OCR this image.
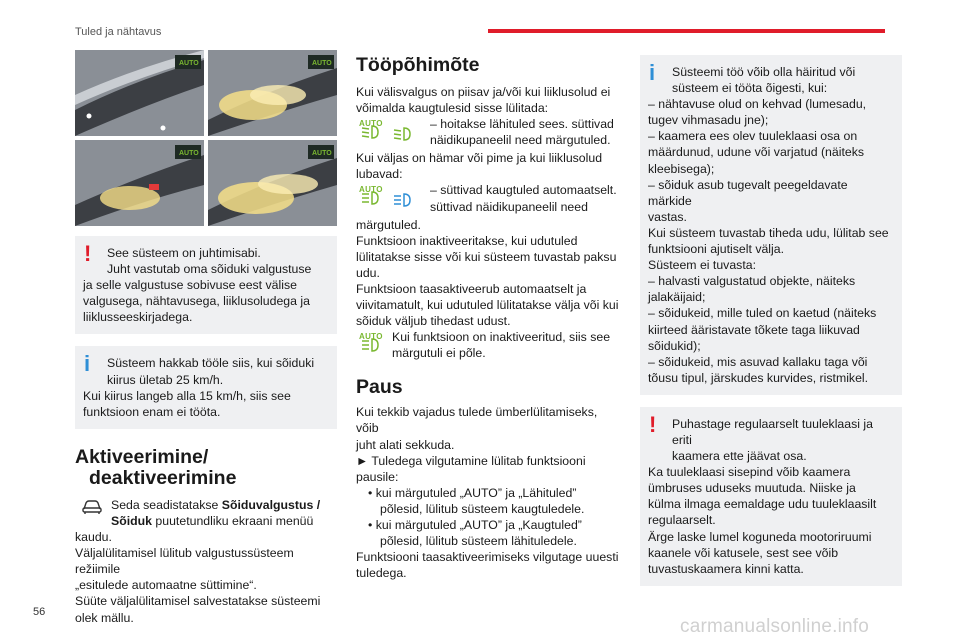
Tuled ja nähtavus
AUTO	AUTO
AUTO	AUTO
!	See süsteem on juhtimisabi.

Juht vastutab oma sõiduki valgustuse

ja selle valgustuse sobivuse eest välise

valgusega, nähtavusega, liiklusoludega ja

liiklusseeskirjadega.

i	Süsteem hakkab tööle siis, kui sõiduki

kiirus ületab 25 km/h.

Kui kiirus langeb alla 15 km/h, siis see

funktsioon enam ei tööta.

Aktiveerimine/
deaktiveerimine
Seda seadistatakse Sõiduvalgustus /
Sõiduk puutetundliku ekraani menüü

kaudu.

Väljalülitamisel lülitub valgustussüsteem režiimile

„esitulede automaatne süttimine“.

Süüte väljalülitamisel salvestatakse süsteemi

olek mällu.

Tööpõhimõte

Kui välisvalgus on piisav ja/või kui liiklusolud ei

võimalda kaugtulesid sisse lülitada:

AUTO
	– hoitakse lähituled sees. süttivad

näidikupaneelil need märgutuled.

Kui väljas on hämar või pime ja kui liiklusolud

lubavad:

AUTO
	– süttivad kaugtuled automaatselt.

süttivad näidikupaneelil need

märgutuled.

Funktsioon inaktiveeritakse, kui udutuled

lülitatakse sisse või kui süsteem tuvastab paksu

udu.

Funktsioon taasaktiveerub automaatselt ja

viivitamatult, kui udutuled lülitatakse välja või kui

sõiduk väljub tihedast udust.

AUTO Kui funktsioon on inaktiveeritud, siis see

märgutuli ei põle.

Paus

Kui tekkib vajadus tulede ümberlülitamiseks, võib

juht alati sekkuda.

► Tuledega vilgutamine lülitab funktsiooni

pausile:

• kui märgutuled „AUTO” ja „Lähituled”

põlesid, lülitub süsteem kaugtuledele.

• kui märgutuled „AUTO” ja „Kaugtuled”

põlesid, lülitub süsteem lähituledele.

Funktsiooni taasaktiveerimiseks vilgutage uuesti

tuledega.

i	Süsteemi töö võib olla häiritud või

süsteem ei tööta õigesti, kui:

– nähtavuse olud on kehvad (lumesadu,

tugev vihmasadu jne);

– kaamera ees olev tuuleklaasi osa on

määrdunud, udune või varjatud (näiteks

kleebisega);

– sõiduk asub tugevalt peegeldavate märkide

vastas.

Kui süsteem tuvastab tiheda udu, lülitab see

funktsiooni ajutiselt välja.

Süsteem ei tuvasta:

– halvasti valgustatud objekte, näiteks

jalakäijaid;

– sõidukeid, mille tuled on kaetud (näiteks

kiirteed ääristavate tõkete taga liikuvad

sõidukid);

– sõidukeid, mis asuvad kallaku taga või

tõusu tipul, järskudes kurvides, ristmikel.

!	Puhastage regulaarselt tuuleklaasi ja eriti

kaamera ette jäävat osa.

Ka tuuleklaasi sisepind võib kaamera

ümbruses uduseks muutuda. Niiske ja

külma ilmaga eemaldage udu tuuleklaasilt

regulaarselt.

Ärge laske lumel koguneda mootoriruumi

kaanele või katusele, sest see võib

tuvastuskaamera kinni katta.

56
carmanualsonline.info
